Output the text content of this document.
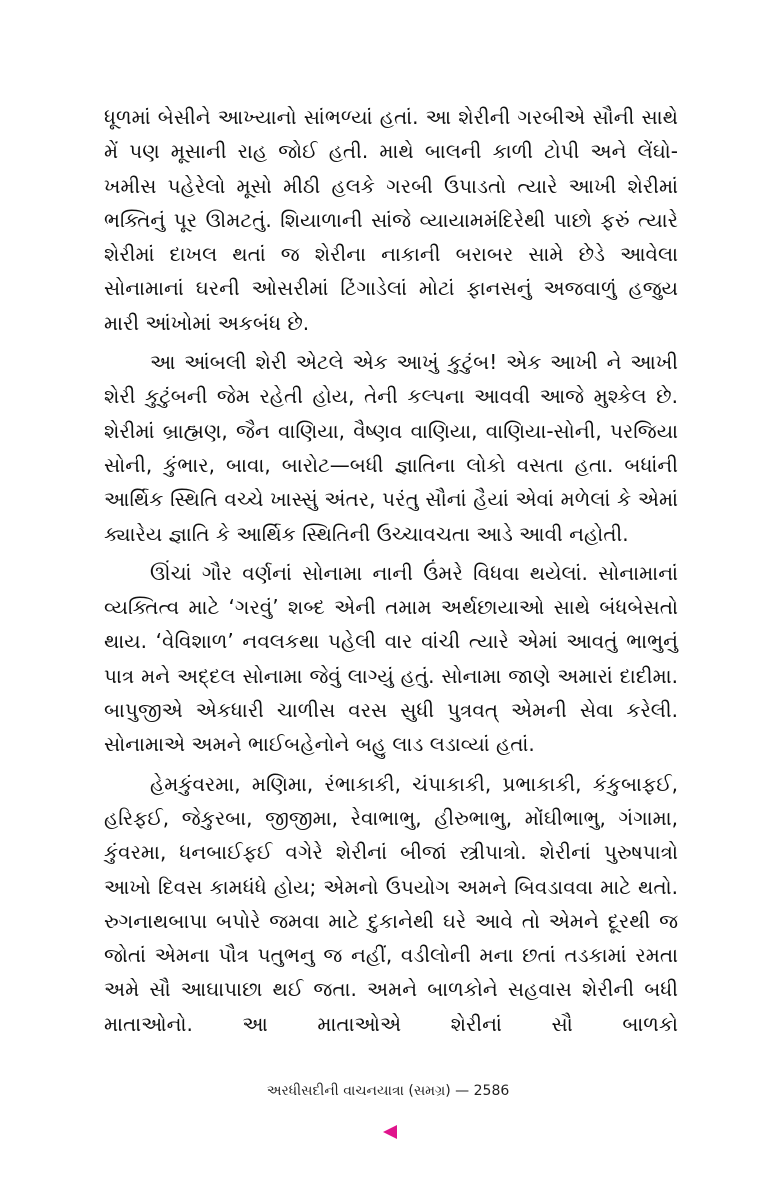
ધૂળમાં બેસીને આખ્યાનો સાંભળ્યાં હતાં. આ શેરીની ગરબીએ સૌની સાથે મેં પણ મૂસાની રાહ જોઈ હતી. માથે બાલની કાળી ટોપી અને લેંઘો-ખમીસ પહેરેલો મૂસો મીઠી હલકે ગરબી ઉપાડતો ત્યારે આખી શેરીમાં ભક્તિનું પૂર ઊમટતું. શિયાળાની સાંજે વ્યાયામમંદિરેથી પાછો ફરું ત્યારે શેરીમાં દાખલ થતાં જ શેરીના નાકાની બરાબર સામે છેડે આવેલા સોનામાનાં ઘરની ઓસરીમાં ટિંગાડેલાં મોટાં ફાનસનું અજવાળું હજુય મારી આંખોમાં અકબંધ છે.

આ આંબલી શેરી એટલે એક આખું કુટુંબ! એક આખી ને આખી શેરી કુટુંબની જેમ રહેતી હોય, તેની કલ્પના આવવી આજે મુશ્કેલ છે. શેરીમાં બ્રાહ્મણ, જૈન વાણિયા, વૈષ્ણવ વાણિયા, વાણિયા-સોની, પરજિયા સોની, કુંભાર, બાવા, બારોટ—બધી જ્ઞાતિના લોકો વસતા હતા. બધાંની આર્થિક સ્થિતિ વચ્ચે ખાસ્સું અંતર, પરંતુ સૌનાં હૈયાં એવાં મળેલાં કે એમાં ક્યારેય જ્ઞાતિ કે આર્થિક સ્થિતિની ઉચ્ચાવચતા આડે આવી નહોતી.

ઊંચાં ગૌર વર્ણનાં સોનામા નાની ઉંમરે વિધવા થયેલાં. સોનામાનાં વ્યક્તિત્વ માટે ‘ગરવું’ શબ્દ એની તમામ અર્થછાયાઓ સાથે બંધબેસતો થાય. ‘વેવિશાળ’ નવલકથા પહેલી વાર વાંચી ત્યારે એમાં આવતું ભાભુનું પાત્ર મને અદ્દલ સોનામા જેવું લાગ્યું હતું. સોનામા જાણે અમારાં દાદીમા. બાપુજીએ એકધારી ચાળીસ વરસ સુધી પુત્રવત્ એમની સેવા કરેલી. સોનામાએ અમને ભાઈબહેનોને બહુ લાડ લડાવ્યાં હતાં.

હેમકુંવરમા, મણિમા, રંભાકાકી, ચંપાકાકી, પ્રભાકાકી, કંકુબાફઈ, હરિફઈ, જેકુરબા, જીજીમા, રેવાભાભુ, હીરુભાભુ, મોંઘીભાભુ, ગંગામા, કુંવરમા, ધનબાઈફઈ વગેરે શેરીનાં બીજાં સ્ત્રીપાત્રો. શેરીનાં પુરુષપાત્રો આખો દિવસ કામધંધે હોય; એમનો ઉપયોગ અમને બિવડાવવા માટે થતો. રુગનાથબાપા બપોરે જમવા માટે દુકાનેથી ઘરે આવે તો એમને દૂરથી જ જોતાં એમના પૌત્ર પતુભનુ જ નહીં, વડીલોની મના છતાં તડકામાં રમતા અમે સૌ આઘાપાછા થઈ જતા. અમને બાળકોને સહવાસ શેરીની બધી માતાઓનો. આ માતાઓએ શેરીનાં સૌ બાળકો

અરધીસદીની વાચનયાત્રા (સમગ્ર) — 2586
